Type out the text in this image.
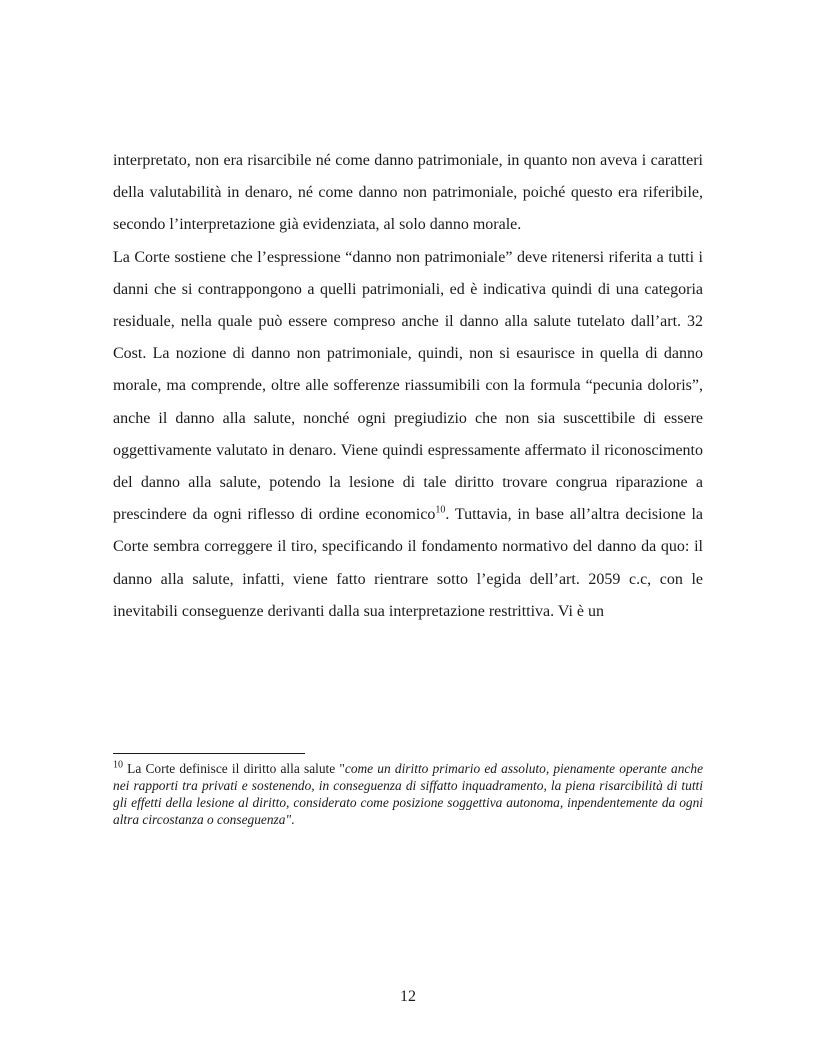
interpretato, non era risarcibile né come danno patrimoniale, in quanto non aveva i caratteri della valutabilità in denaro, né come danno non patrimoniale, poiché questo era riferibile, secondo l’interpretazione già evidenziata, al solo danno morale.

La Corte sostiene che l’espressione “danno non patrimoniale” deve ritenersi riferita a tutti i danni che si contrappongono a quelli patrimoniali, ed è indicativa quindi di una categoria residuale, nella quale può essere compreso anche il danno alla salute tutelato dall’art. 32 Cost. La nozione di danno non patrimoniale, quindi, non si esaurisce in quella di danno morale, ma comprende, oltre alle sofferenze riassumibili con la formula “pecunia doloris”, anche il danno alla salute, nonché ogni pregiudizio che non sia suscettibile di essere oggettivamente valutato in denaro. Viene quindi espressamente affermato il riconoscimento del danno alla salute, potendo la lesione di tale diritto trovare congrua riparazione a prescindere da ogni riflesso di ordine economico$^{10}$. Tuttavia, in base all’altra decisione la Corte sembra correggere il tiro, specificando il fondamento normativo del danno da quo: il danno alla salute, infatti, viene fatto rientrare sotto l’egida dell’art. 2059 c.c, con le inevitabili conseguenze derivanti dalla sua interpretazione restrittiva. Vi è un

$^{10}$ La Corte definisce il diritto alla salute "come un diritto primario ed assoluto, pienamente operante anche nei rapporti tra privati e sostenendo, in conseguenza di siffatto inquadramento, la piena risarcibilità di tutti gli effetti della lesione al diritto, considerato come posizione soggettiva autonoma, inpendentemente da ogni altra circostanza o conseguenza".

12
